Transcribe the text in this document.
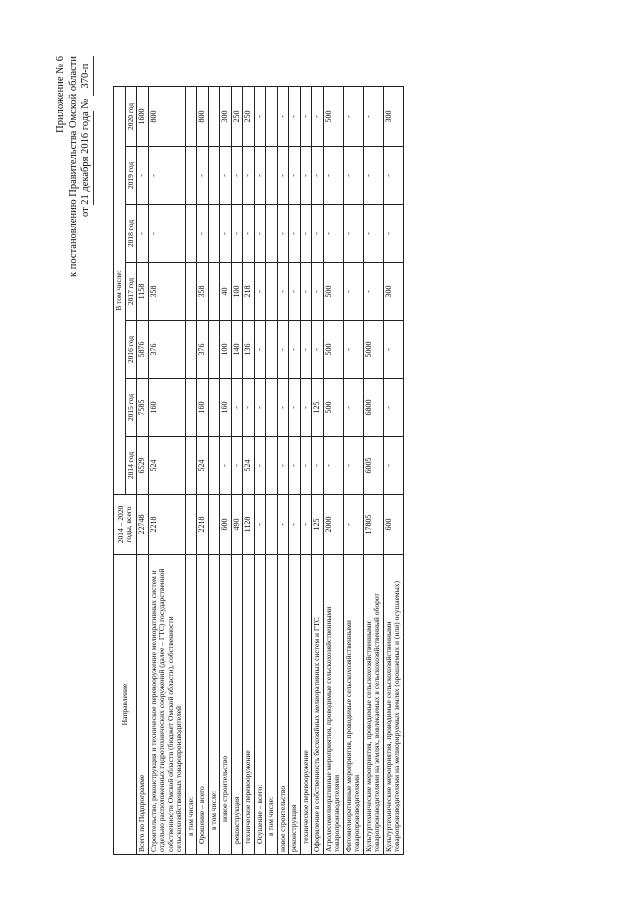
Приложение № 6 к постановлению Правительства Омской области от 21 декабря 2016 года № 370-п
Направление	2014 – 2020 годы, всего	В том числе:						
		2014 год	2015 год	2016 год	2017 год	2018 год	2019 год	2020 год
Всего по Подпрограмме	22748	6529	7585	5876	1158	-	-	1600
Строительство, реконструкция и техническое перевооружение мелиоративных систем и отдельно расположенных гидротехнических сооружений (далее – ГТС) государственной собственности Омской области (бюджет Омской области), собственности сельскохозяйственных товаропроизводителей	2218	524	160	376	358	-	-	800
в том числе:								
Орошение – всего	2218	524	160	376	358	-	-	800
в том числе:								
новое строительство	600	-	160	100	40	-	-	300
реконструкция	490	-	-	140	100	-	-	250
техническое перевооружение	1128	524	-	136	218	-	-	250
Осушение – всего:	-	-	-	-	-	-	-	-
в том числе:								
новое строительство	-	-	-	-	-	-	-	-
реконструкция	-	-	-	-	-	-	-	-
техническое перевооружение	-	-	-	-	-	-	-	-
Оформление в собственность бесхозяйных мелиоративных систем и ГТС	125	-	125	-	-	-	-	-
Агролесомелиоративные мероприятия, проводимые сельскохозяйственными товаропроизводителями	2000	-	500	500	500	-	-	500
Фитомелиоративные мероприятия, проводимые сельскохозяйственными товаропроизводителями	-	-	-	-	-	-	-	-
Культуртехнические мероприятия, проводимые сельскохозяйственными товаропроизводителями на землях, вовлекаемых в сельскохозяйственный оборот	17805	6005	6800	5000	-	-	-	-
Культуртехнические мероприятия, проводимые сельскохозяйственными товаропроизводителями на мелиорируемых землях (орошаемых и (или) осушаемых)	600	-	-	-	300	-	-	300
